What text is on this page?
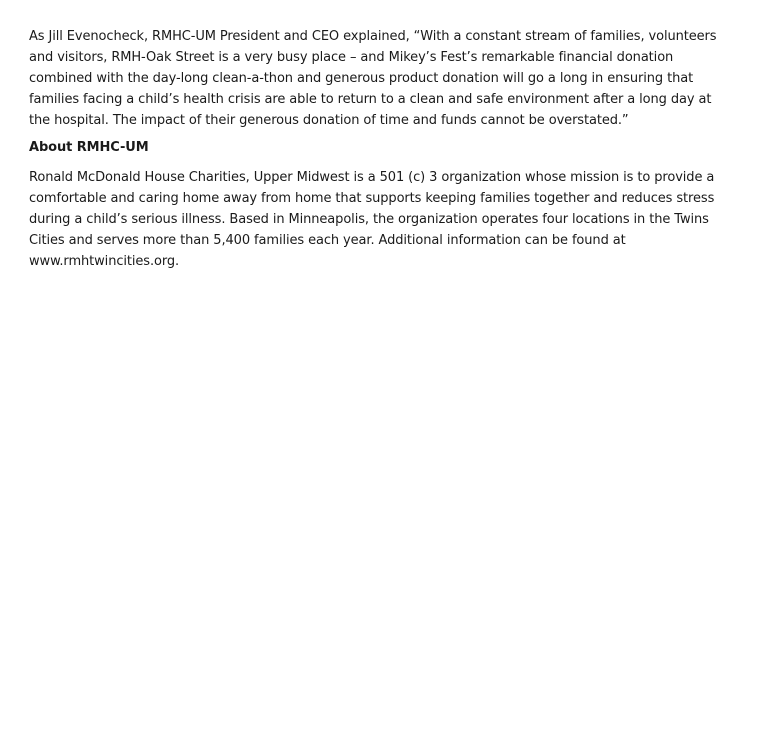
As Jill Evenocheck, RMHC-UM President and CEO explained, “With a constant stream of families, volunteers
and visitors, RMH-Oak Street is a very busy place – and Mikey’s Fest’s remarkable financial donation
combined with the day-long clean-a-thon and generous product donation will go a long in ensuring that
families facing a child’s health crisis are able to return to a clean and safe environment after a long day at
the hospital. The impact of their generous donation of time and funds cannot be overstated.”

About RMHC-UM

Ronald McDonald House Charities, Upper Midwest is a 501 (c) 3 organization whose mission is to provide a
comfortable and caring home away from home that supports keeping families together and reduces stress
during a child’s serious illness. Based in Minneapolis, the organization operates four locations in the Twins
Cities and serves more than 5,400 families each year. Additional information can be found at
www.rmhtwincities.org.
